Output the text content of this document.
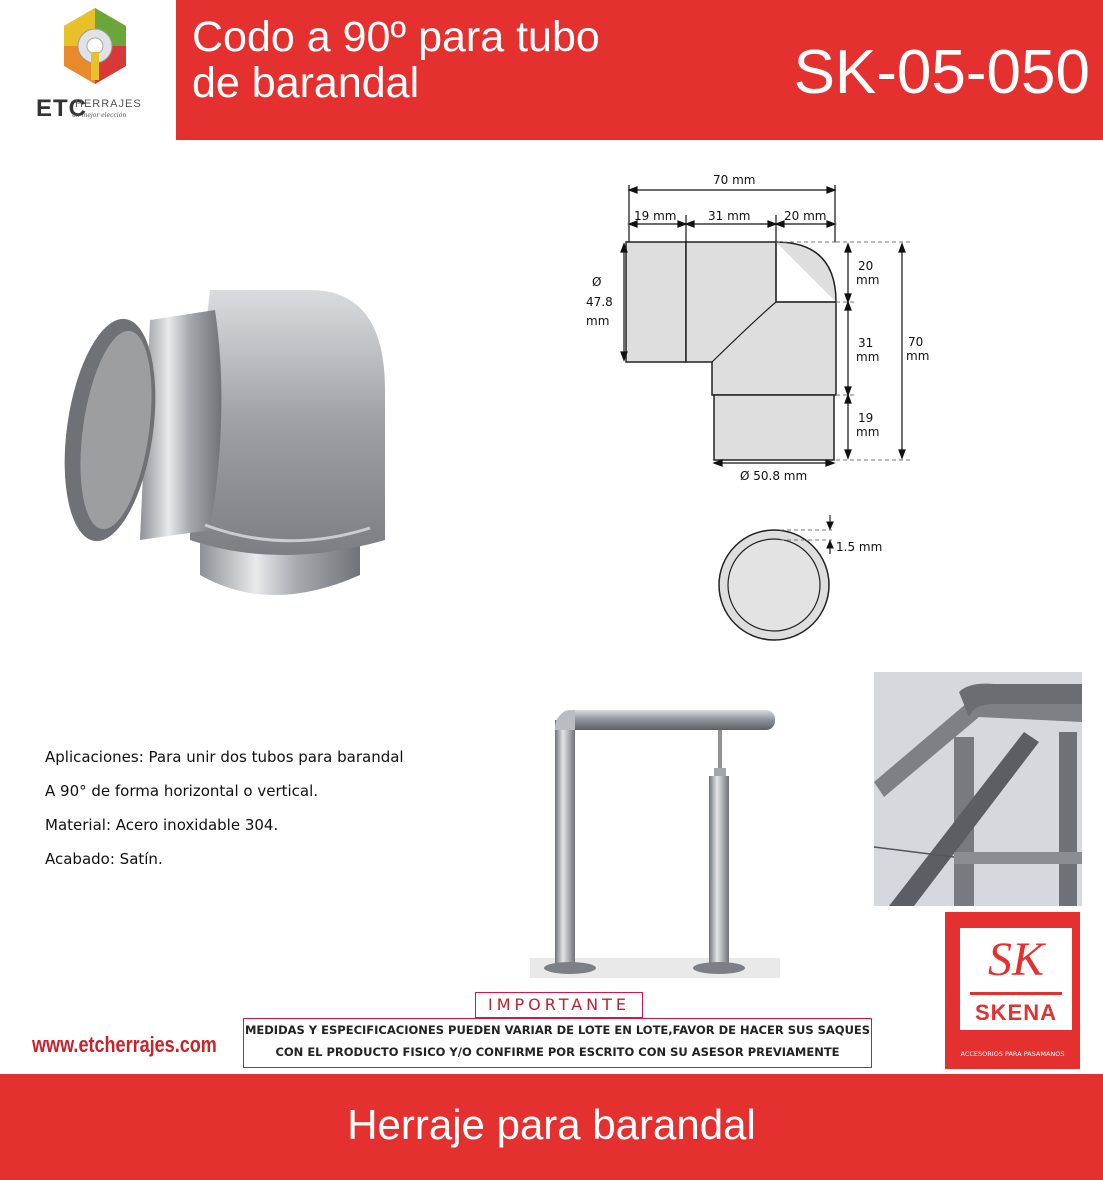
ETC
HERRAJES
un mejor elección
Codo a 90º para tubo
de barandal	SK-05-050
70 mm
19 mm	31 mm	20 mm
Ø
47.8
mm
20
mm
31
mm
19
mm
70
mm
Ø 50.8 mm
1.5 mm
Aplicaciones: Para unir dos tubos para barandal
A 90° de forma horizontal o vertical.
Material: Acero inoxidable 304.
Acabado: Satín.
SK
SKENA
ACCESORIOS PARA PASAMANOS
www.etcherrajes.com
IMPORTANTE
MEDIDAS Y ESPECIFICACIONES PUEDEN VARIAR DE LOTE EN LOTE,FAVOR DE HACER SUS SAQUES
CON EL PRODUCTO FISICO Y/O CONFIRME POR ESCRITO CON SU ASESOR PREVIAMENTE
Herraje para barandal
